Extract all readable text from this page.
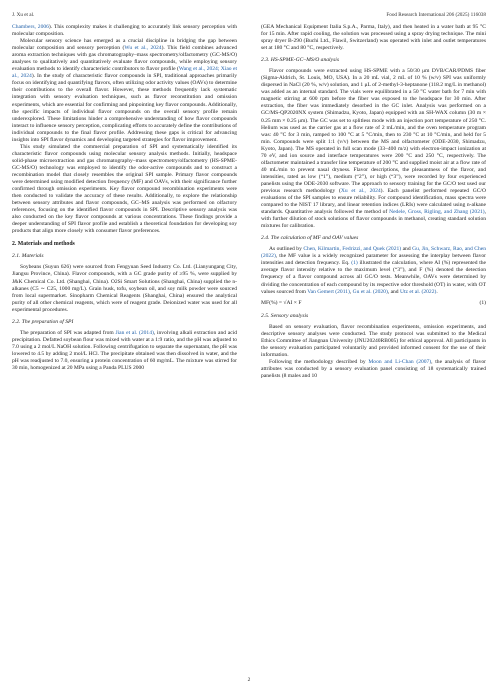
J. Xu et al.	Food Research International 206 (2025) 116038

Chambers, 2006). This complexity makes it challenging to accurately link sensory perception with molecular composition.

Molecular sensory science has emerged as a crucial discipline in bridging the gap between molecular composition and sensory perception (Wu et al., 2024). This field combines advanced aroma extraction techniques with gas chromatography–mass spectrometry/olfactometry (GC-MS/O) analyses to qualitatively and quantitatively evaluate flavor compounds, while employing sensory evaluation methods to identify characteristic contributors to flavor profile (Wang et al., 2024; Xiao et al., 2024). In the study of characteristic flavor compounds in SPI, traditional approaches primarily focus on identifying and quantifying flavors, often utilizing odor activity values (OAVs) to determine their contributions to the overall flavor. However, these methods frequently lack systematic integration with sensory evaluation techniques, such as flavor reconstitution and omission experiments, which are essential for confirming and pinpointing key flavor compounds. Additionally, the specific impacts of individual flavor compounds on the overall sensory profile remain underexplored. These limitations hinder a comprehensive understanding of how flavor compounds interact to influence sensory perception, complicating efforts to accurately define the contributions of individual compounds to the final flavor profile. Addressing these gaps is critical for advancing insights into SPI flavor dynamics and developing targeted strategies for flavor improvement.

This study simulated the commercial preparation of SPI and systematically identified its characteristic flavor compounds using molecular sensory analysis methods. Initially, headspace solid-phase microextraction and gas chromatography–mass spectrometry/olfactometry (HS-SPME-GC-MS/O) technology was employed to identify the odor-active compounds and to construct a recombination model that closely resembles the original SPI sample. Primary flavor compounds were determined using modified detection frequency (MF) and OAVs, with their significance further confirmed through omission experiments. Key flavor compound recombination experiments were then conducted to validate the accuracy of these results. Additionally, to explore the relationship between sensory attributes and flavor compounds, GC–MS analysis was performed on olfactory references, focusing on the identified flavor compounds in SPI. Descriptive sensory analysis was also conducted on the key flavor compounds at various concentrations. These findings provide a deeper understanding of SPI flavor profile and establish a theoretical foundation for developing soy products that align more closely with consumer flavor preferences.

2. Materials and methods
2.1. Materials

Soybeans (Suyun 626) were sourced from Fengyuan Seed Industry Co. Ltd. (Lianyungang City, Jiangsu Province, China). Flavor compounds, with a GC grade purity of ≥95 %, were supplied by J&K Chemical Co. Ltd. (Shanghai, China). O2Si Smart Solutions (Shanghai, China) supplied the n-alkanes (C5 ∼ C25, 1000 mg/L). Grain husk, tofu, soybean oil, and soy milk powder were sourced from local supermarket. Sinopharm Chemical Reagents (Shanghai, China) ensured the analytical purity of all other chemical reagents, which were of reagent grade. Deionized water was used for all experimental procedures.

2.2. The preparation of SPI

The preparation of SPI was adapted from Jian et al. (2014), involving alkali extraction and acid precipitation. Defatted soybean flour was mixed with water at a 1:9 ratio, and the pH was adjusted to 7.0 using a 2 mol/L NaOH solution. Following centrifugation to separate the supernatant, the pH was lowered to 4.5 by adding 2 mol/L HCl. The precipitate obtained was then dissolved in water, and the pH was readjusted to 7.0, ensuring a protein concentration of 60 mg/mL. The mixture was stirred for 30 min, homogenized at 20 MPa using a Panda PLUS 2000

(GEA Mechanical Equipment Italia S.p.A., Parma, Italy), and then heated in a water bath at 95 °C for 15 min. After rapid cooling, the solution was processed using a spray drying technique. The mini spray dryer B-290 (Buchi Ltd., Flawil, Switzerland) was operated with inlet and outlet temperatures set at 180 °C and 80 °C, respectively.

2.3. HS-SPME-GC–MS/O analysis

Flavor compounds were extracted using HS-SPME with a 50/30 μm DVB/CAR/PDMS fiber (Sigma-Aldrich, St. Louis, MO, USA). In a 20 mL vial, 2 mL of 10 % (w/v) SPI was uniformly dispersed in NaCl (20 %, w/v) solution, and 1 μL of 2-methyl-3-heptanone (118.2 mg/L in methanol) was added as an internal standard. The vials were equilibrated in a 50 °C water bath for 7 min with magnetic stirring at 600 rpm before the fiber was exposed to the headspace for 30 min. After extraction, the fiber was immediately desorbed in the GC inlet. Analysis was performed on a GC/MS-QP2020NX system (Shimadzu, Kyoto, Japan) equipped with an SH-WAX column (30 m × 0.25 mm × 0.25 μm). The GC was set to splitless mode with an injection port temperature of 250 °C. Helium was used as the carrier gas at a flow rate of 2 mL/min, and the oven temperature program was: 40 °C for 3 min, ramped to 100 °C at 5 °C/min, then to 230 °C at 10 °C/min, and held for 5 min. Compounds were split 1:1 (v/v) between the MS and olfactometer (ODE-2030, Shimadzu, Kyoto, Japan). The MS operated in full scan mode (33–400 m/z) with electron-impact ionization at 70 eV, and ion source and interface temperatures were 200 °C and 250 °C, respectively. The olfactometer maintained a transfer line temperature of 200 °C and supplied moist air at a flow rate of 40 mL/min to prevent nasal dryness. Flavor descriptions, the pleasantness of the flavor, and intensities, rated as low (“1”), medium (“2”), or high (“3”), were recorded by four experienced panelists using the ODE-2030 software. The approach to sensory training for the GC/O test used our previous research methodology (Xu et al., 2024). Each panelist performed repeated GC/O evaluations of the SPI samples to ensure reliability. For compound identification, mass spectra were compared to the NIST 17 library, and linear retention indices (LRIs) were calculated using n-alkane standards. Quantitative analysis followed the method of Nedele, Gross, Rigling, and Zhang (2021), with further dilution of stock solutions of flavor compounds in methanol, creating standard solution mixtures for calibration.

2.4. The calculation of MF and OAV values

As outlined by Chen, Kilmartin, Fedrizzi, and Quek (2021) and Gu, Jin, Schwarz, Rao, and Chen (2022), the MF value is a widely recognized parameter for assessing the interplay between flavor intensities and detection frequency. Eq. (1) illustrated the calculation, where AI (%) represented the average flavor intensity relative to the maximum level (“3”), and F (%) denoted the detection frequency of a flavor compound across all GC/O tests. Meanwhile, OAVs were determined by dividing the concentration of each compound by its respective odor threshold (OT) in water, with OT values sourced from Van Gemert (2011), Gu et al. (2020), and Utz et al. (2022).

MF(%) = √AI × F	(1)
2.5. Sensory analysis

Based on sensory evaluation, flavor recombination experiments, omission experiments, and descriptive sensory analyses were conducted. The study protocol was submitted to the Medical Ethics Committee of Jiangnan University (JNU20240RB005) for ethical approval. All participants in the sensory evaluation participated voluntarily and provided informed consent for the use of their information.

Following the methodology described by Moon and Li-Chan (2007), the analysis of flavor attributes was conducted by a sensory evaluation panel consisting of 18 systematically trained panelists (8 males and 10

2
